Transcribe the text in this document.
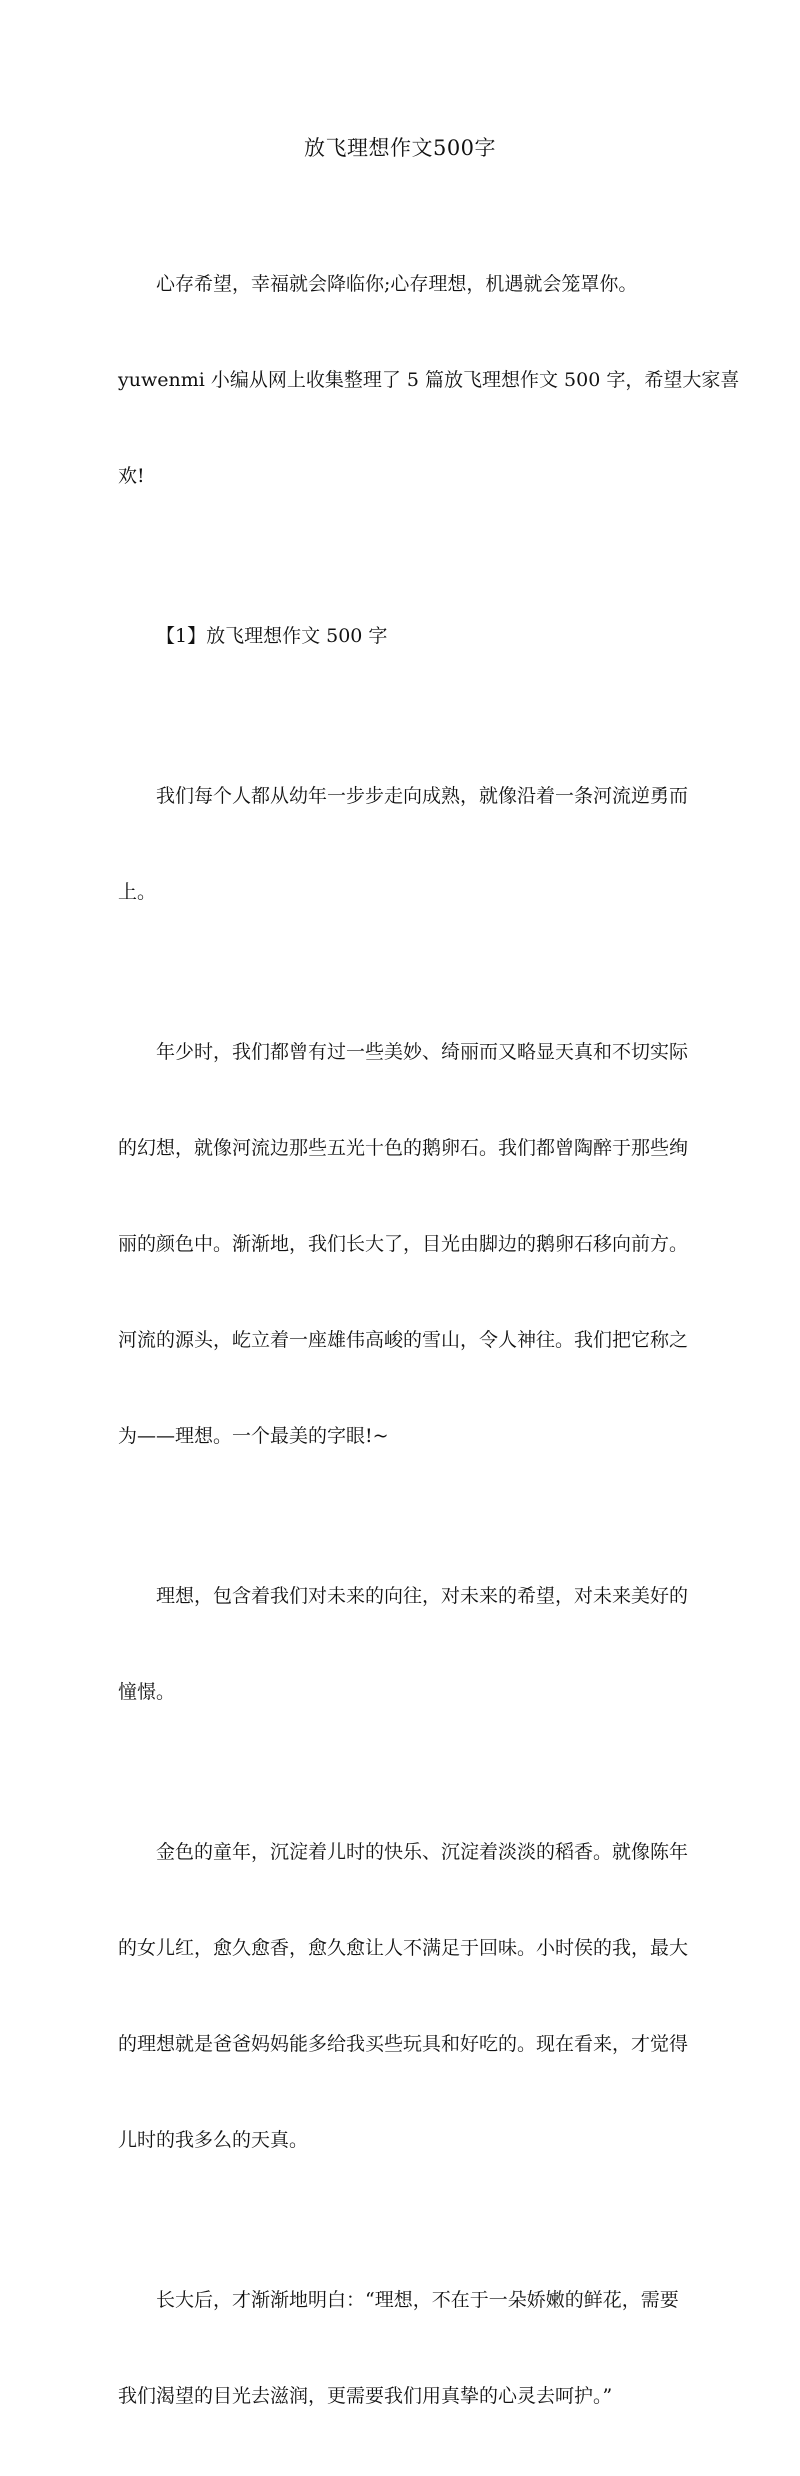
放飞理想作文500字

心存希望，幸福就会降临你;心存理想，机遇就会笼罩你。

yuwenmi 小编从网上收集整理了 5 篇放飞理想作文 500 字，希望大家喜

欢!

【1】放飞理想作文 500 字

我们每个人都从幼年一步步走向成熟，就像沿着一条河流逆勇而

上。

年少时，我们都曾有过一些美妙、绮丽而又略显天真和不切实际

的幻想，就像河流边那些五光十色的鹅卵石。我们都曾陶醉于那些绚

丽的颜色中。渐渐地，我们长大了，目光由脚边的鹅卵石移向前方。

河流的源头，屹立着一座雄伟高峻的雪山，令人神往。我们把它称之

为——理想。一个最美的字眼!~

理想，包含着我们对未来的向往，对未来的希望，对未来美好的

憧憬。

金色的童年，沉淀着儿时的快乐、沉淀着淡淡的稻香。就像陈年

的女儿红，愈久愈香，愈久愈让人不满足于回味。小时侯的我，最大

的理想就是爸爸妈妈能多给我买些玩具和好吃的。现在看来，才觉得

儿时的我多么的天真。

长大后，才渐渐地明白：“理想，不在于一朵娇嫩的鲜花，需要

我们渴望的目光去滋润，更需要我们用真挚的心灵去呵护。”
